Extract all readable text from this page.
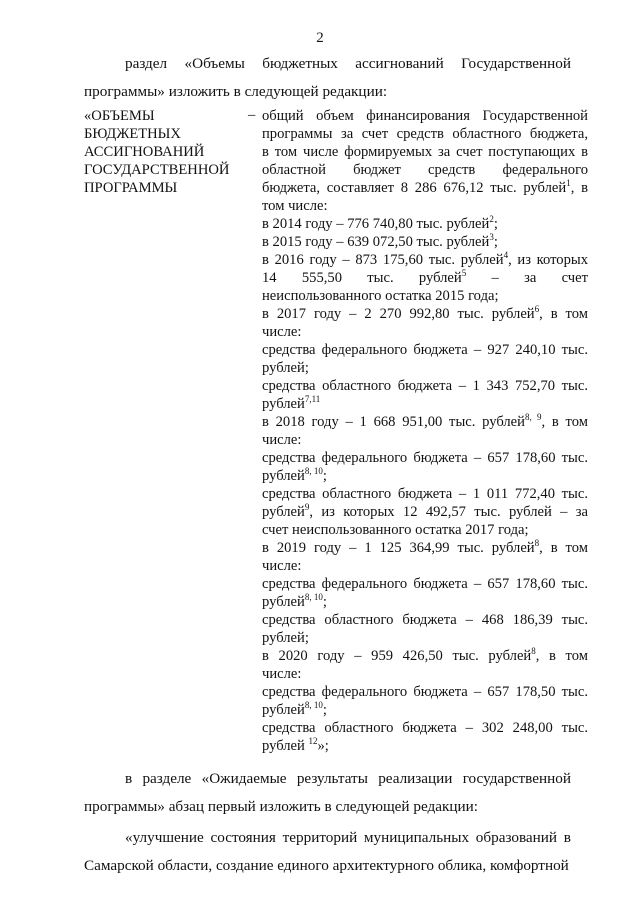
2
раздел «Объемы бюджетных ассигнований Государственной
программы» изложить в следующей редакции:
«ОБЪЕМЫ
БЮДЖЕТНЫХ
АССИГНОВАНИЙ
ГОСУДАРСТВЕННОЙ
ПРОГРАММЫ
– общий объем финансирования Государственной
программы за счет средств областного бюджета,
в том числе формируемых за счет поступающих в
областной бюджет средств федерального
бюджета, составляет 8 286 676,12 тыс. рублей$^1$, в
том числе:
в 2014 году – 776 740,80 тыс. рублей$^2$;
в 2015 году – 639 072,50 тыс. рублей$^3$;
в 2016 году – 873 175,60 тыс. рублей$^4$, из которых
14 555,50 тыс. рублей$^5$ – за счет
неиспользованного остатка 2015 года;
в 2017 году – 2 270 992,80 тыс. рублей$^6$, в том
числе:
средства федерального бюджета – 927 240,10 тыс.
рублей;
средства областного бюджета – 1 343 752,70 тыс.
рублей$^{7,11}$
в 2018 году – 1 668 951,00 тыс. рублей$^{8, 9}$, в том
числе:
средства федерального бюджета – 657 178,60 тыс.
рублей$^{8, 10}$;
средства областного бюджета – 1 011 772,40 тыс.
рублей$^9$, из которых 12 492,57 тыс. рублей – за
счет неиспользованного остатка 2017 года;
в 2019 году – 1 125 364,99 тыс. рублей$^8$, в том
числе:
средства федерального бюджета – 657 178,60 тыс.
рублей$^{8, 10}$;
средства областного бюджета – 468 186,39 тыс.
рублей;
в 2020 году – 959 426,50 тыс. рублей$^8$, в том
числе:
средства федерального бюджета – 657 178,50 тыс.
рублей$^{8, 10}$;
средства областного бюджета – 302 248,00 тыс.
рублей $^{12}$»;
в разделе «Ожидаемые результаты реализации государственной
программы» абзац первый изложить в следующей редакции:
«улучшение состояния территорий муниципальных образований в
Самарской области, создание единого архитектурного облика, комфортной
